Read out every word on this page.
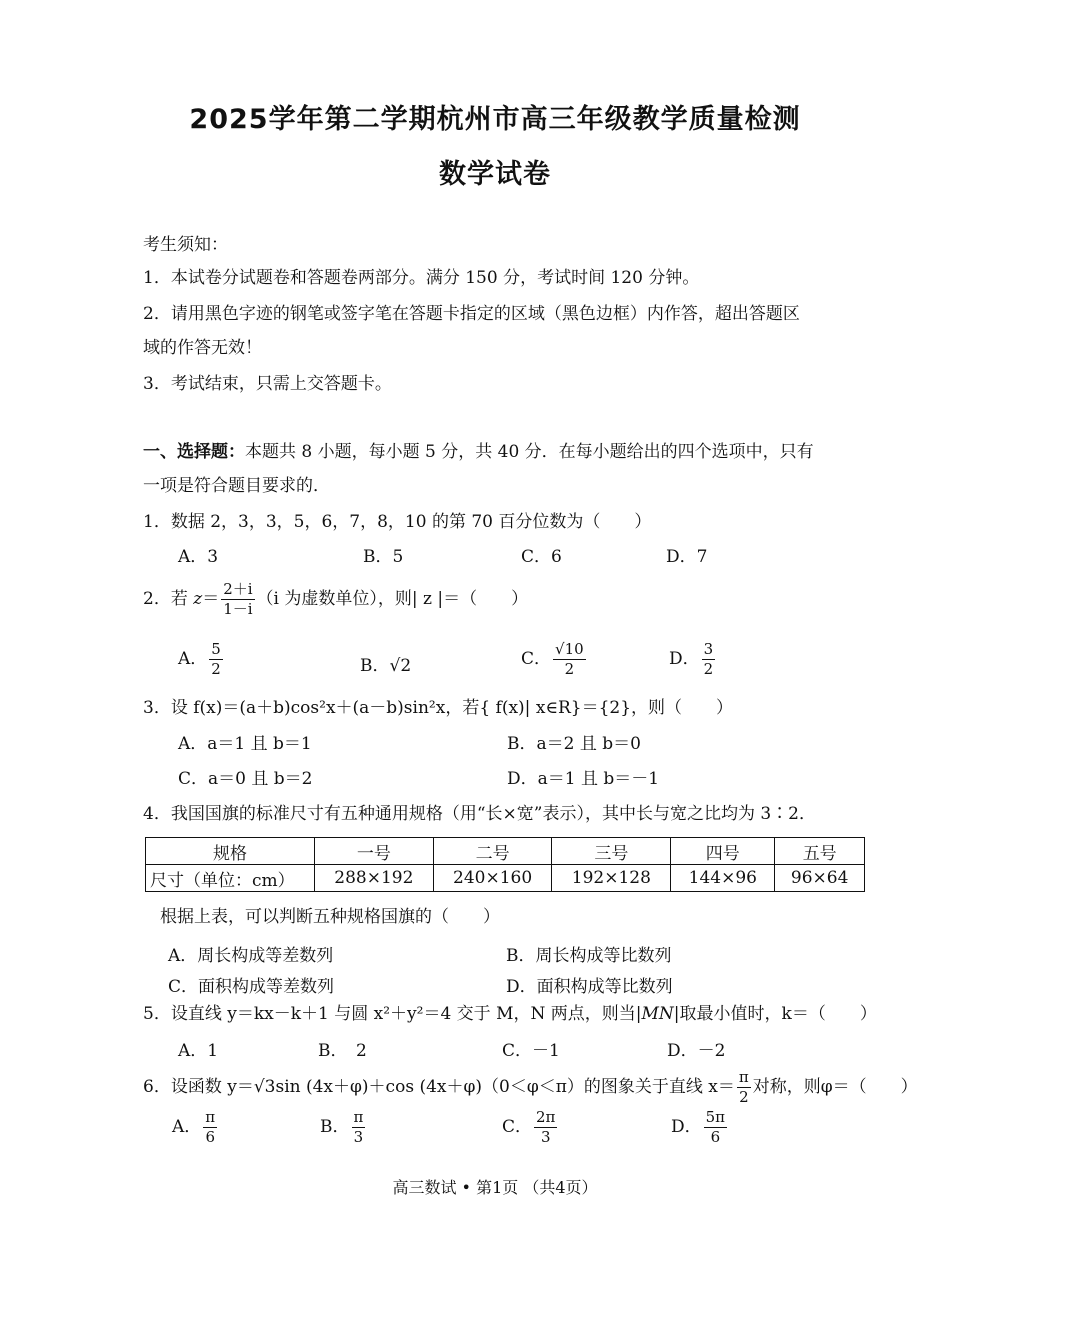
2025学年第二学期杭州市高三年级教学质量检测
数学试卷
考生须知：
1．本试卷分试题卷和答题卷两部分。满分 150 分，考试时间 120 分钟。
2．请用黑色字迹的钢笔或签字笔在答题卡指定的区域（黑色边框）内作答，超出答题区
域的作答无效！
3．考试结束，只需上交答题卡。
一、选择题：本题共 8 小题，每小题 5 分，共 40 分．在每小题给出的四个选项中，只有
一项是符合题目要求的．
1．数据 2，3，3，5，6，7，8，10 的第 70 百分位数为（　　）
A．3	B．5	C．6	D．7
2．若 $z= \frac{2+i}{1-i} (i$ 为虚数单位），则| z |＝（　　）
A． $\frac{5}{2}$	B．√2	C． $\frac{√10}{2}$	D． $\frac{3}{2}$
3．设 f(x)＝(a＋b)cos²x＋(a－b)sin²x，若{ f(x)| x∈R}＝{2}，则（　　）
A．a＝1 且 b＝1	B．a＝2 且 b＝0
C．a＝0 且 b＝2	D．a＝1 且 b＝－1
4．我国国旗的标准尺寸有五种通用规格（用“长×宽”表示），其中长与宽之比均为 3∶2．
规格	一号	二号	三号	四号	五号
尺寸（单位：cm）	288×192	240×160	192×128	144×96	96×64
根据上表，可以判断五种规格国旗的（　　）
A．周长构成等差数列	B．周长构成等比数列
C．面积构成等差数列	D．面积构成等比数列
5．设直线 y＝kx－k＋1 与圆 x²＋y²＝4 交于 M，N 两点，则当|MN|取最小值时，k＝（　　）
A．1	B．　2	C．－1	D．－2
6．设函数 y＝√3sin (4x＋φ)＋cos (4x＋φ)（0＜φ＜π）的图象关于直线 $x= \frac{\pi}{2}$ 对称，则φ＝（　　）
A． $\frac{\pi}{6}$	B． $\frac{\pi}{3}$	C． $\frac{2\pi}{3}$	D． $\frac{5\pi}{6}$
高三数试 • 第1页 （共4页）
